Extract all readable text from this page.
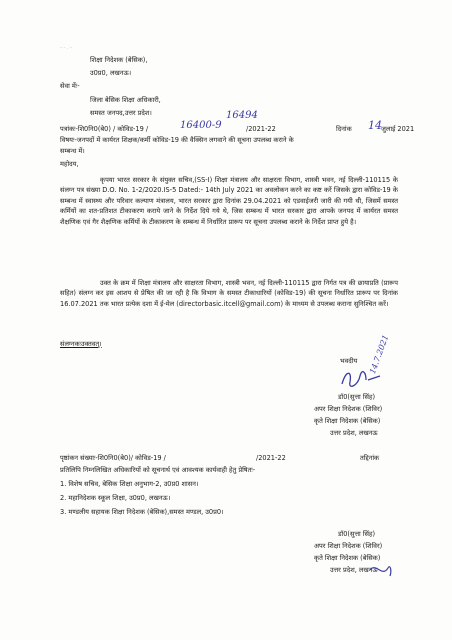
- - . -
शिक्षा निदेशक (बेसिक),
उ0प्र0, लखनऊ।
सेवा मेंः-
जिला बेसिक शिक्षा अधिकारी,
समस्त जनपद,उत्तर प्रदेश।
पत्रांकः-शि0नि0(बे0) / कोविड-19 /	16400-9
16494
/2021-22	दिनांक 14 जुलाई 2021
विषयः-जनपदों में कार्यरत शिक्षक/कर्मी कोविड-19 की वैक्सिन लगवाने की सूचना उपलब्ध कराने के
सम्बन्ध में।
महोदय,
कृपया भारत सरकार के संयुक्त सचिव,(SS-I) शिक्षा मंत्रालय और साक्षरता विभाग, शास्त्री भवन, नई दिल्ली-110115 के संलग्न पत्र संख्या D.O. No. 1-2/2020.IS-5 Dated:- 14th July 2021 का अवलोकन करने का कष्ट करें जिसके द्वारा कोविड-19 के सम्बन्ध में स्वास्थ्य और परिवार कल्याण मंत्रालय, भारत सरकार द्वारा दिनांक 29.04.2021 को एडवाईजरी जारी की गयी थी, जिसमें समस्त कर्मियों का शत-प्रतिशत टीकाकरण कराये जाने के निर्देश दिये गये थे, जिस सम्बन्ध में भारत सरकार द्वारा आपके जनपद में कार्यरत समस्त शैक्षणिक एवं गैर शैक्षणिक कर्मियों के टीकाकरण के सम्बन्ध में निर्धारित प्रारूप पर सूचना उपलब्ध कराने के निर्देश प्राप्त हुये है।
उक्त के क्रम में शिक्षा मंत्रालय और साक्षरता विभाग, शास्त्री भवन, नई दिल्ली-110115 द्वारा निर्गत पत्र की छायाप्रति (प्रारूप सहित) संलग्न कर इस आशय से प्रेषित की जा रही है कि विभाग के समस्त टीकाधारियों (कोविड-19) की सूचना निर्धारित प्रारूप पर दिनांक 16.07.2021 तक भारत प्रत्येक दशा में ई-मेल (directorbasic.itcell@gmail.com) के माध्यम से उपलब्ध कराना सुनिश्चित करें।
संलग्नकःउक्तवत्।
भवदीय 14.7.2021
डॉ0(सुत्ता सिंह)
अपर शिक्षा निदेशक (शिविर)
कृते शिक्षा निदेशक (बेसिक)
उत्तर प्रदेश, लखनऊ
पृष्ठांकन संख्याः-शि0नि0(बे0)/ कोविड-19 /	/2021-22	तद्दिनांक
प्रतिलिपि निम्नलिखित अधिकारियों को सूचनार्थ एवं आवश्यक कार्यवाही हेतु प्रेषितः-
1. विशेष सचिव, बेसिक शिक्षा अनुभाग-2, उ0प्र0 शासन।
2. महानिदेशक स्कूल शिक्षा, उ0प्र0, लखनऊ।
3. मण्डलीय सहायक शिक्षा निदेशक (बेसिक),समस्त मण्डल, उ0प्र0।
डॉ0(सुत्ता सिंह)
अपर शिक्षा निदेशक (शिविर)
कृते शिक्षा निदेशक (बेसिक)
उत्तर प्रदेश, लखनऊ
